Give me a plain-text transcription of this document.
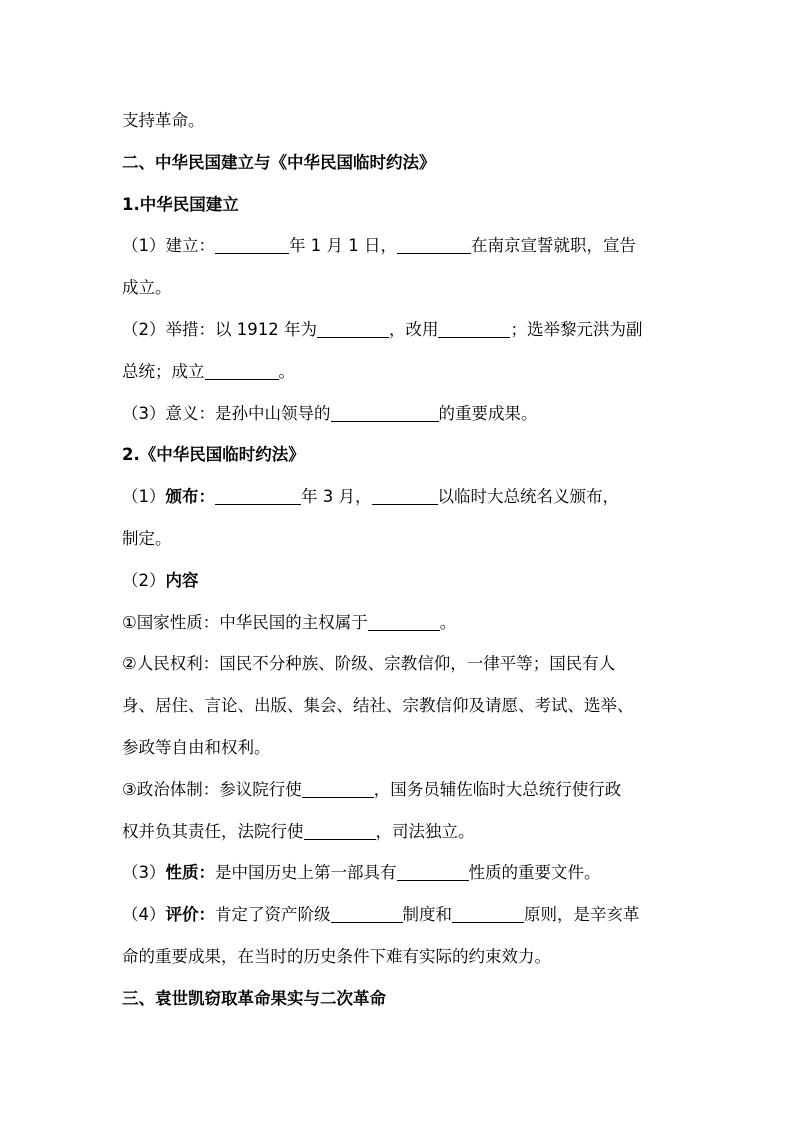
支持革命。
二、中华民国建立与《中华民国临时约法》
1.中华民国建立
（1）建立：	年 1 月 1 日，	在南京宣誓就职，宣告
成立。
（2）举措：以 1912 年为	，改用	；选举黎元洪为副
总统；成立	。
（3）意义：是孙中山领导的	的重要成果。
2.《中华民国临时约法》
（1）颁布：	年 3 月，	以临时大总统名义颁布，
制定。
（2）内容
①国家性质：中华民国的主权属于	。
②人民权利：国民不分种族、阶级、宗教信仰，一律平等；国民有人
身、居住、言论、出版、集会、结社、宗教信仰及请愿、考试、选举、
参政等自由和权利。
③政治体制：参议院行使	，国务员辅佐临时大总统行使行政
权并负其责任，法院行使	，司法独立。
（3）性质：是中国历史上第一部具有	性质的重要文件。
（4）评价：肯定了资产阶级	制度和	原则，是辛亥革
命的重要成果，在当时的历史条件下难有实际的约束效力。
三、袁世凯窃取革命果实与二次革命
